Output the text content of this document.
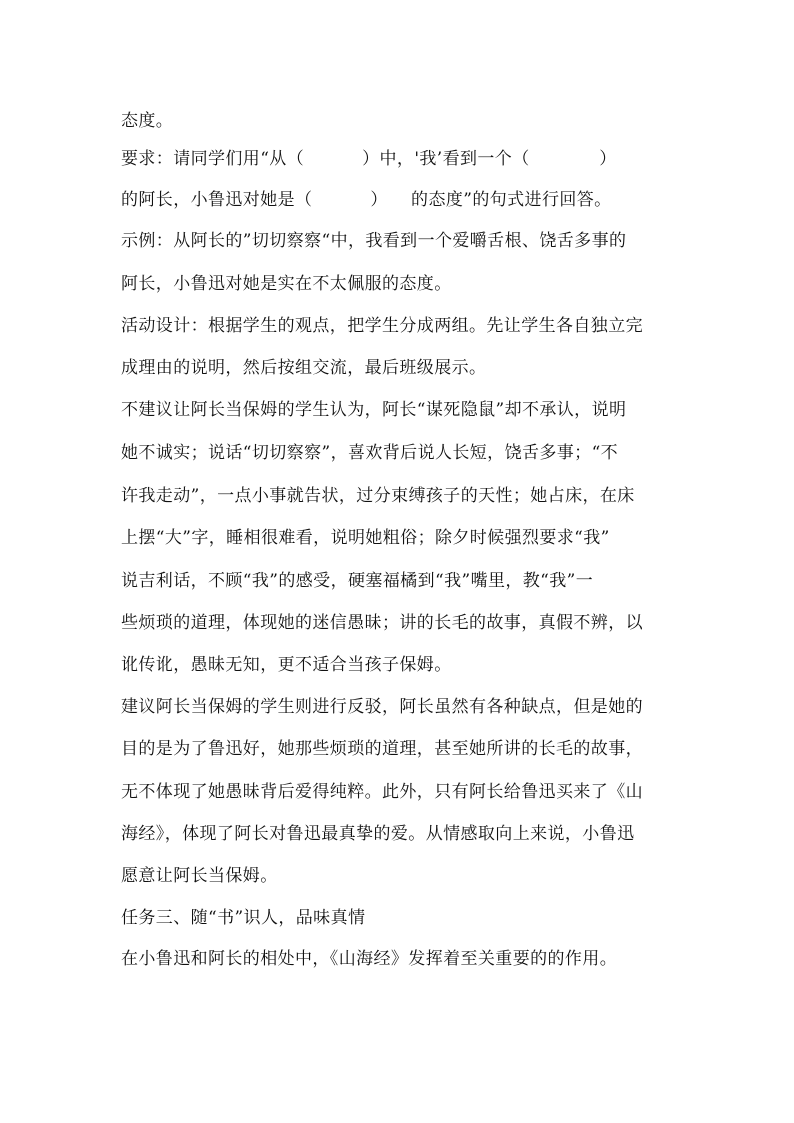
态度。
要求：请同学们用“从（          ）中，'我’看到一个（            ）
的阿长，小鲁迅对她是（          ）    的态度”的句式进行回答。
示例：从阿长的”切切察察“中，我看到一个爱嚼舌根、饶舌多事的
阿长，小鲁迅对她是实在不太佩服的态度。
活动设计：根据学生的观点，把学生分成两组。先让学生各自独立完
成理由的说明，然后按组交流，最后班级展示。
不建议让阿长当保姆的学生认为，阿长“谋死隐鼠”却不承认，说明
她不诚实；说话“切切察察”，喜欢背后说人长短，饶舌多事；“不
许我走动”，一点小事就告状，过分束缚孩子的天性；她占床，在床
上摆“大”字，睡相很难看，说明她粗俗；除夕时候强烈要求“我”
说吉利话，不顾“我”的感受，硬塞福橘到“我”嘴里，教“我”一
些烦琐的道理，体现她的迷信愚昧；讲的长毛的故事，真假不辨，以
讹传讹，愚昧无知，更不适合当孩子保姆。
建议阿长当保姆的学生则进行反驳，阿长虽然有各种缺点，但是她的
目的是为了鲁迅好，她那些烦琐的道理，甚至她所讲的长毛的故事，
无不体现了她愚昧背后爱得纯粹。此外，只有阿长给鲁迅买来了《山
海经》，体现了阿长对鲁迅最真挚的爱。从情感取向上来说，小鲁迅
愿意让阿长当保姆。
任务三、随“书”识人，品味真情
在小鲁迅和阿长的相处中，《山海经》发挥着至关重要的的作用。
